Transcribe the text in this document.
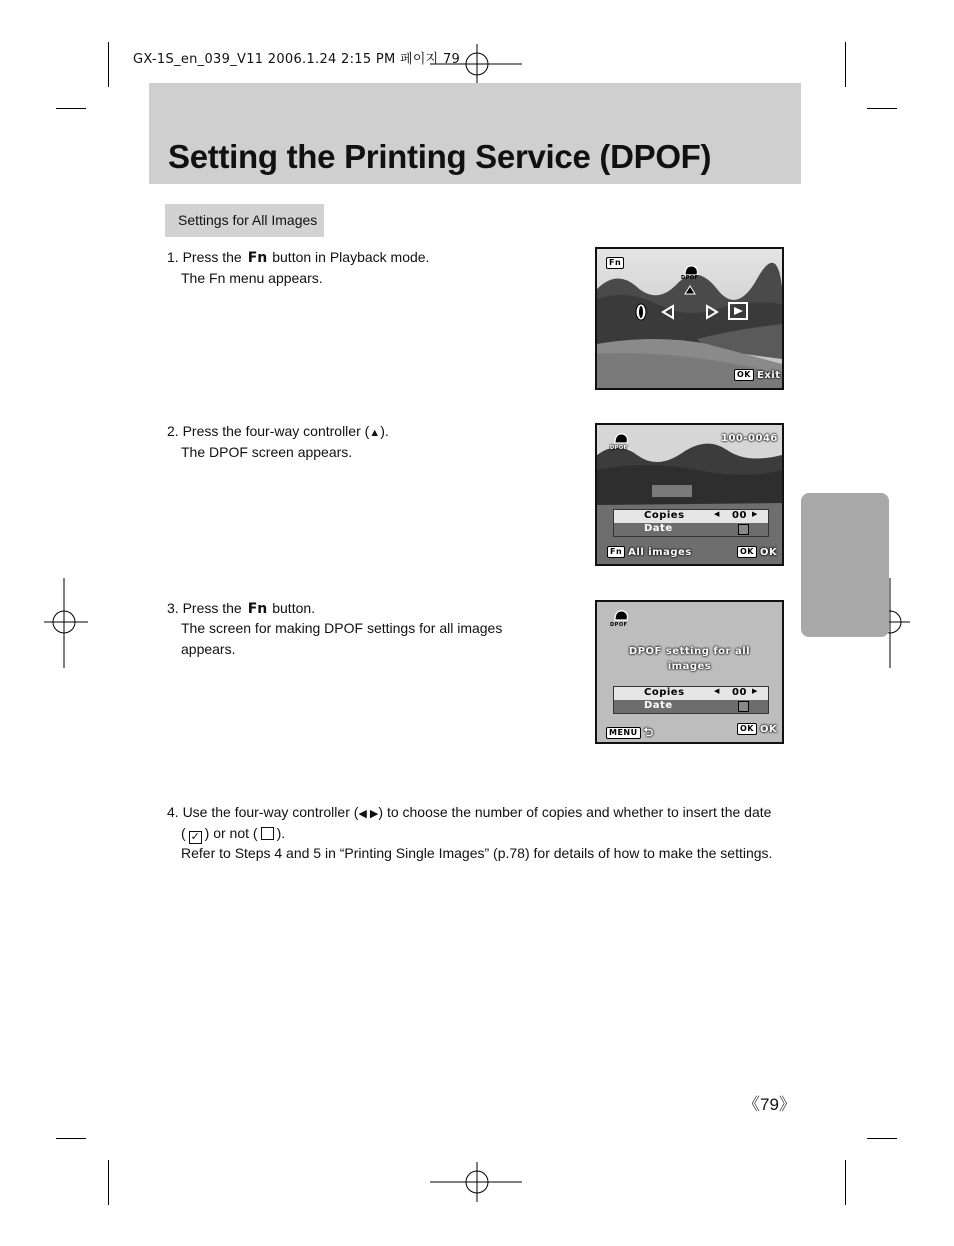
GX-1S_en_039_V11 2006.1.24 2:15 PM 페이지 79
Setting the Printing Service (DPOF)
Settings for All Images
1. Press the Fn button in Playback mode.
The Fn menu appears.
2. Press the four-way controller (▲).
The DPOF screen appears.
3. Press the Fn button.
The screen for making DPOF settings for all images
appears.
4. Use the four-way controller (◀ ▶) to choose the number of copies and whether to insert the date
( ✓ ) or not ( ).
Refer to Steps 4 and 5 in “Printing Single Images” (p.78) for details of how to make the settings.
Fn
DPOF
OK Exit
DPOF
100-0046
Copies	◀ 00 ▶
Date
Fn All images	OK OK
DPOF
DPOF setting for all
images
Copies	◀ 00 ▶
Date
MENU ⮌	OK OK
《79》
